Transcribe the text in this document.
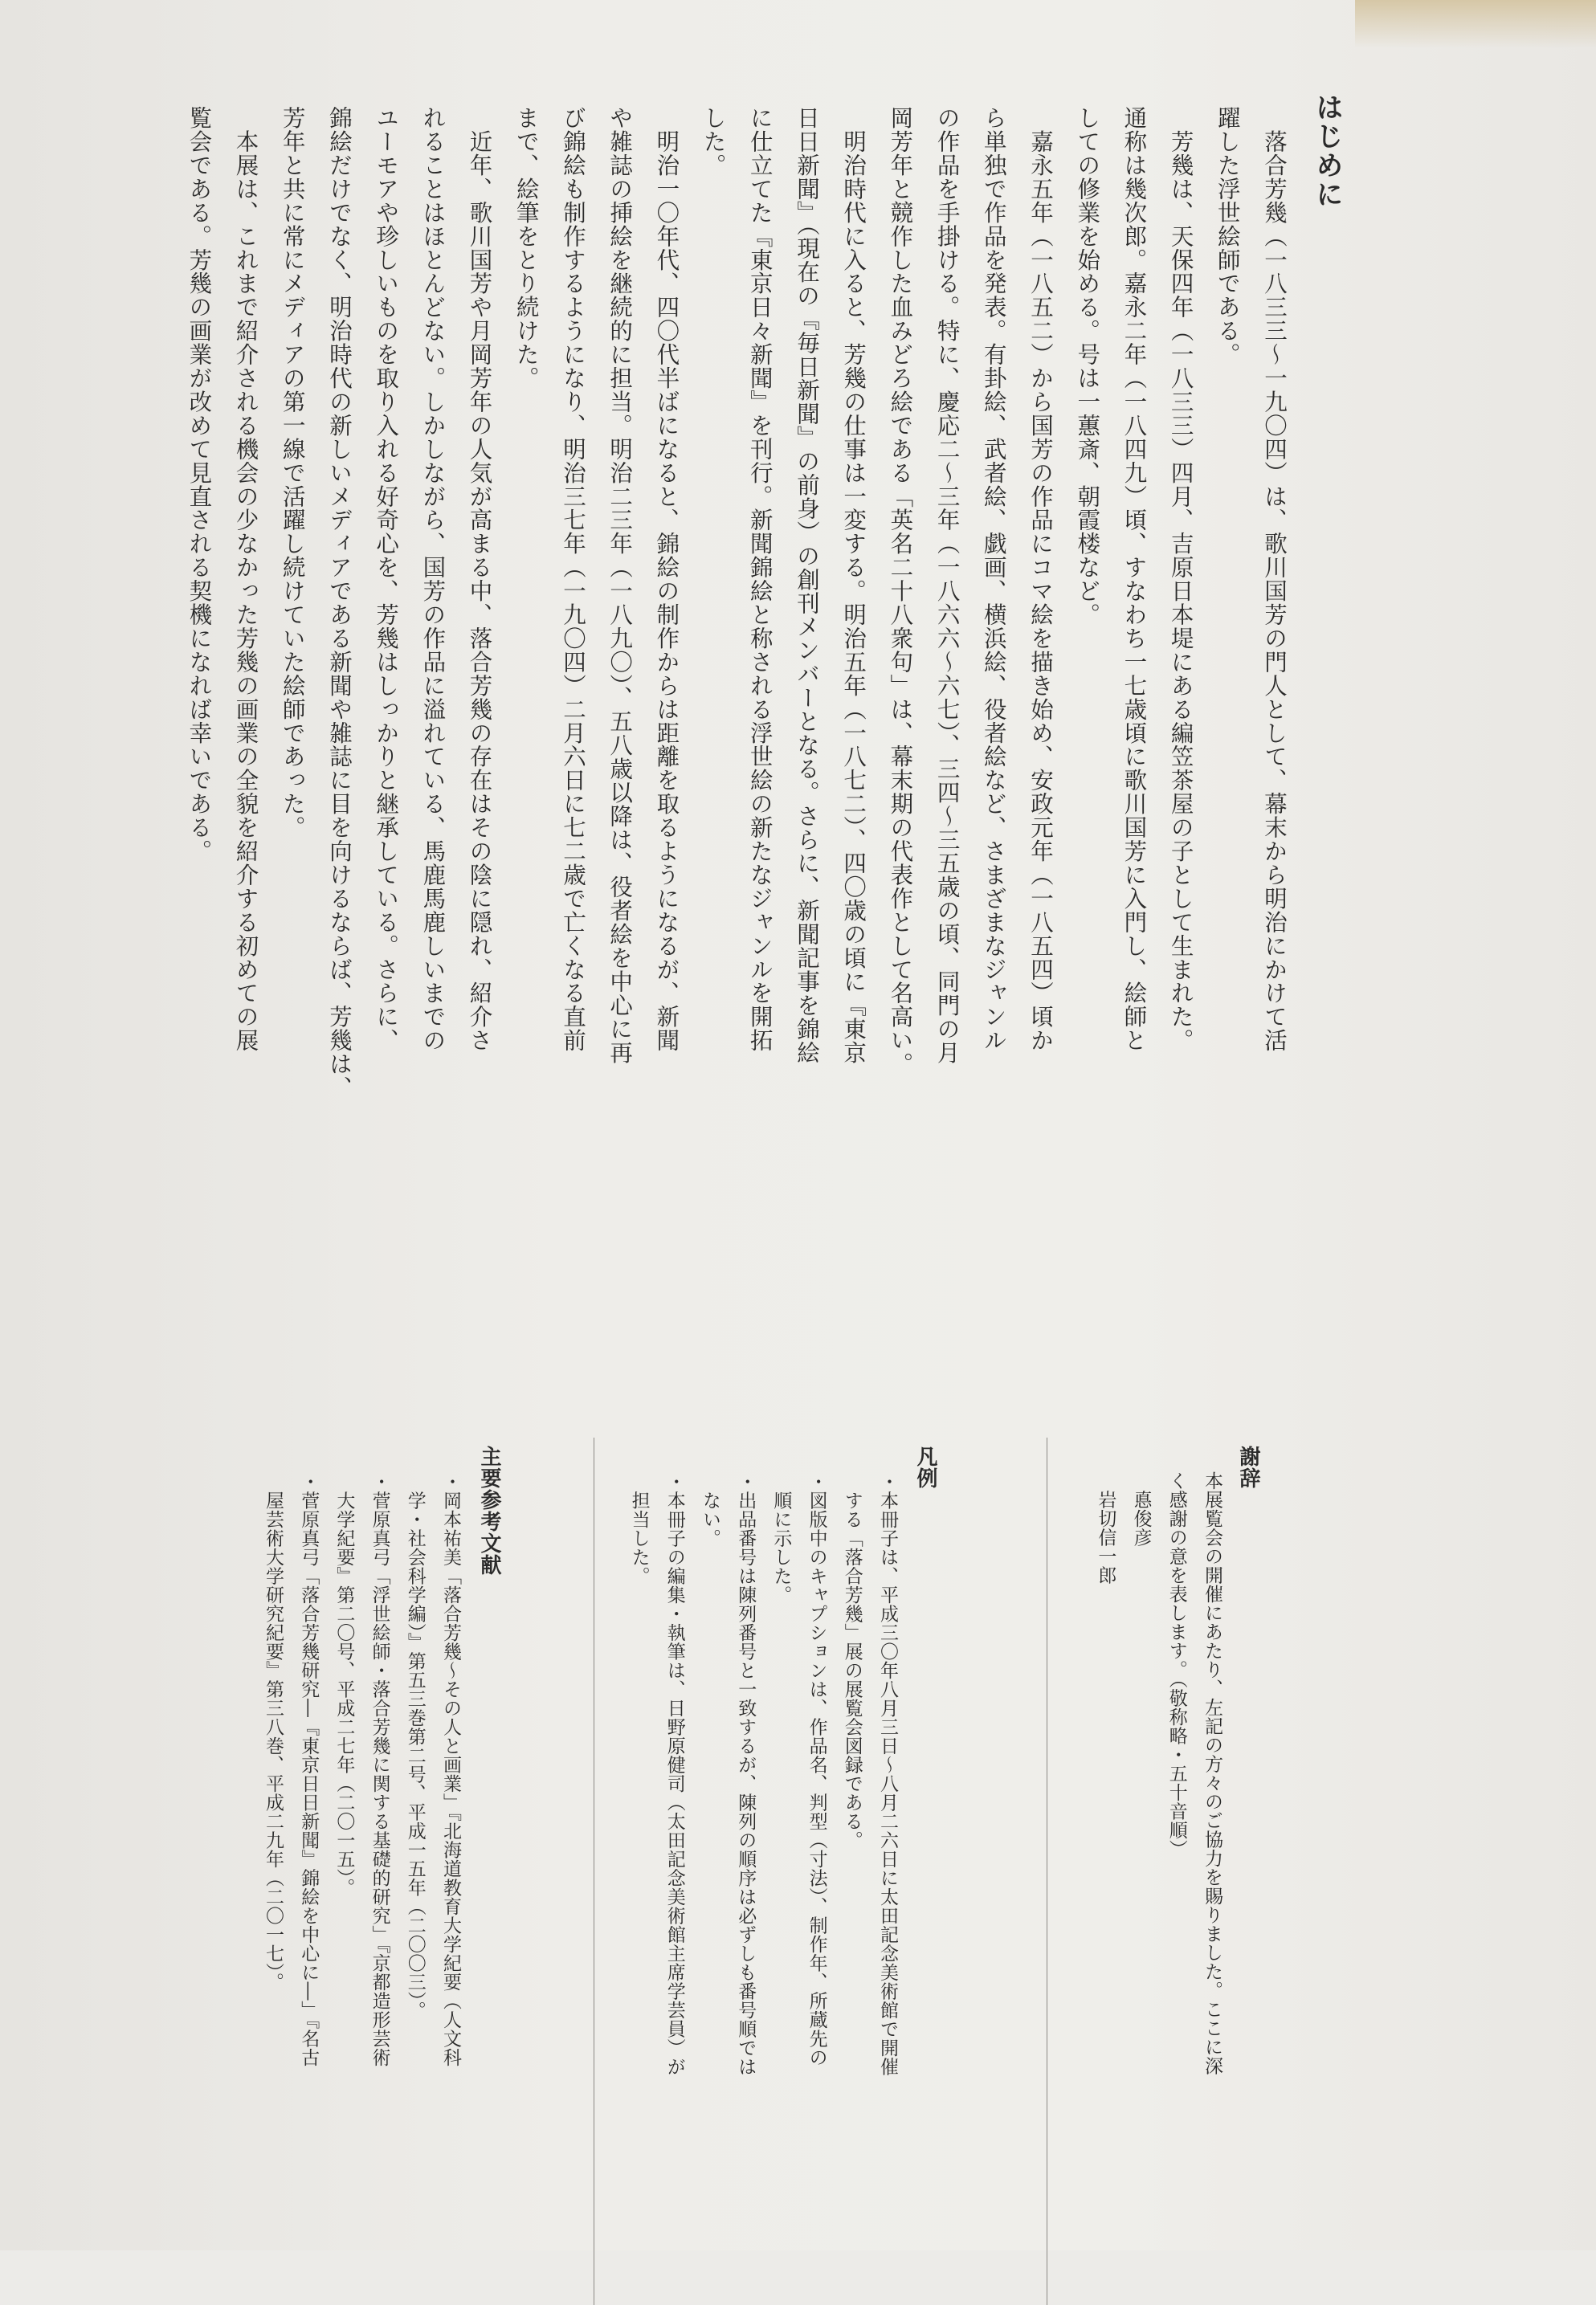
はじめに
　落合芳幾（一八三三〜一九〇四）は、歌川国芳の門人として、幕末から明治にかけて活
躍した浮世絵師である。
　芳幾は、天保四年（一八三三）四月、吉原日本堤にある編笠茶屋の子として生まれた。
通称は幾次郎。嘉永二年（一八四九）頃、すなわち一七歳頃に歌川国芳に入門し、絵師と
しての修業を始める。号は一蕙斎、朝霞楼など。
　嘉永五年（一八五二）から国芳の作品にコマ絵を描き始め、安政元年（一八五四）頃か
ら単独で作品を発表。有卦絵、武者絵、戯画、横浜絵、役者絵など、さまざまなジャンル
の作品を手掛ける。特に、慶応二〜三年（一八六六〜六七）、三四〜三五歳の頃、同門の月
岡芳年と競作した血みどろ絵である「英名二十八衆句」は、幕末期の代表作として名高い。
　明治時代に入ると、芳幾の仕事は一変する。明治五年（一八七二）、四〇歳の頃に『東京
日日新聞』（現在の『毎日新聞』の前身）の創刊メンバーとなる。さらに、新聞記事を錦絵
に仕立てた『東京日々新聞』を刊行。新聞錦絵と称される浮世絵の新たなジャンルを開拓
した。
　明治一〇年代、四〇代半ばになると、錦絵の制作からは距離を取るようになるが、新聞
や雑誌の挿絵を継続的に担当。明治二三年（一八九〇）、五八歳以降は、役者絵を中心に再
び錦絵も制作するようになり、明治三七年（一九〇四）二月六日に七二歳で亡くなる直前
まで、絵筆をとり続けた。
　近年、歌川国芳や月岡芳年の人気が高まる中、落合芳幾の存在はその陰に隠れ、紹介さ
れることはほとんどない。しかしながら、国芳の作品に溢れている、馬鹿馬鹿しいまでの
ユーモアや珍しいものを取り入れる好奇心を、芳幾はしっかりと継承している。さらに、
錦絵だけでなく、明治時代の新しいメディアである新聞や雑誌に目を向けるならば、芳幾は、
芳年と共に常にメディアの第一線で活躍し続けていた絵師であった。
　本展は、これまで紹介される機会の少なかった芳幾の画業の全貌を紹介する初めての展
覧会である。芳幾の画業が改めて見直される契機になれば幸いである。
謝辞
本展覧会の開催にあたり、左記の方々のご協力を賜りました。ここに深
く感謝の意を表します。（敬称略・五十音順）
　悳俊彦
　岩切信一郎
凡例
・本冊子は、平成三〇年八月三日〜八月二六日に太田記念美術館で開催
　する「落合芳幾」展の展覧会図録である。
・図版中のキャプションは、作品名、判型（寸法）、制作年、所蔵先の
　順に示した。
・出品番号は陳列番号と一致するが、陳列の順序は必ずしも番号順では
　ない。
・本冊子の編集・執筆は、日野原健司（太田記念美術館主席学芸員）が
　担当した。
主要参考文献
・岡本祐美「落合芳幾〜その人と画業」『北海道教育大学紀要（人文科
　学・社会科学編）』第五三巻第二号、平成一五年（二〇〇三）。
・菅原真弓「浮世絵師・落合芳幾に関する基礎的研究」『京都造形芸術
　大学紀要』第二〇号、平成二七年（二〇一五）。
・菅原真弓「落合芳幾研究―『東京日日新聞』錦絵を中心に―」『名古
　屋芸術大学研究紀要』第三八巻、平成二九年（二〇一七）。
